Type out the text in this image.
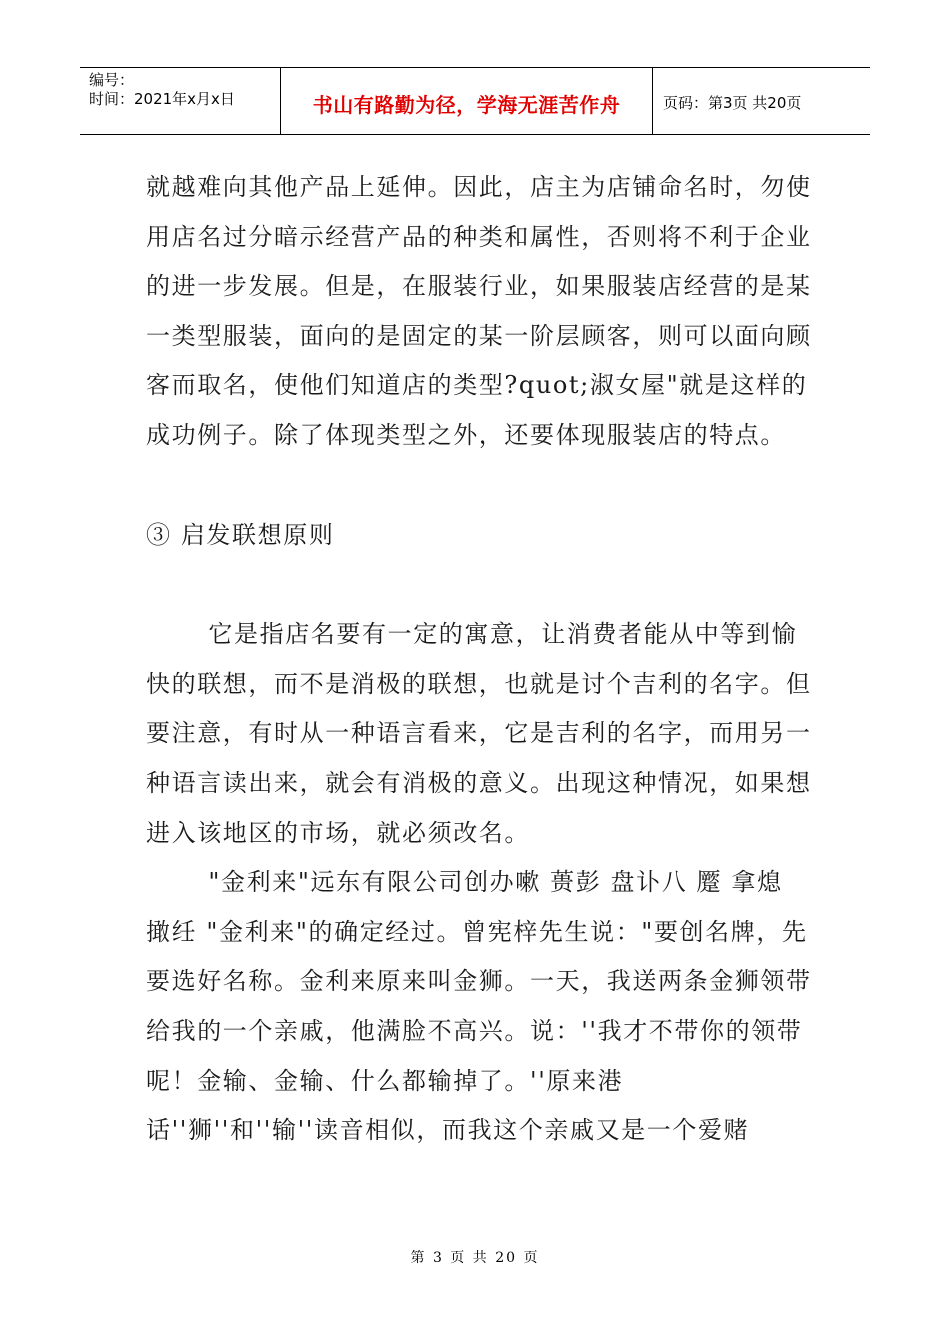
编号：
时间：2021年x月x日	书山有路勤为径，学海无涯苦作舟	页码：第3页 共20页

就越难向其他产品上延伸。因此，店主为店铺命名时，勿使用店名过分暗示经营产品的种类和属性，否则将不利于企业的进一步发展。但是，在服装行业，如果服装店经营的是某一类型服装，面向的是固定的某一阶层顾客，则可以面向顾客而取名，使他们知道店的类型?quot;淑女屋"就是这样的成功例子。除了体现类型之外，还要体现服装店的特点。

③ 启发联想原则

它是指店名要有一定的寓意，让消费者能从中等到愉快的联想，而不是消极的联想，也就是讨个吉利的名字。但要注意，有时从一种语言看来，它是吉利的名字，而用另一种语言读出来，就会有消极的意义。出现这种情况，如果想进入该地区的市场，就必须改名。

"金利来"远东有限公司创办嗽 蒉彭 盘讣八 蹷 拿熄 撖纴 "金利来"的确定经过。曾宪梓先生说："要创名牌，先要选好名称。金利来原来叫金狮。一天，我送两条金狮领带给我的一个亲戚，他满脸不高兴。说：''我才不带你的领带呢！金输、金输、什么都输掉了。''原来港话''狮''和''输''读音相似，而我这个亲戚又是一个爱赌

第 3 页 共 20 页
